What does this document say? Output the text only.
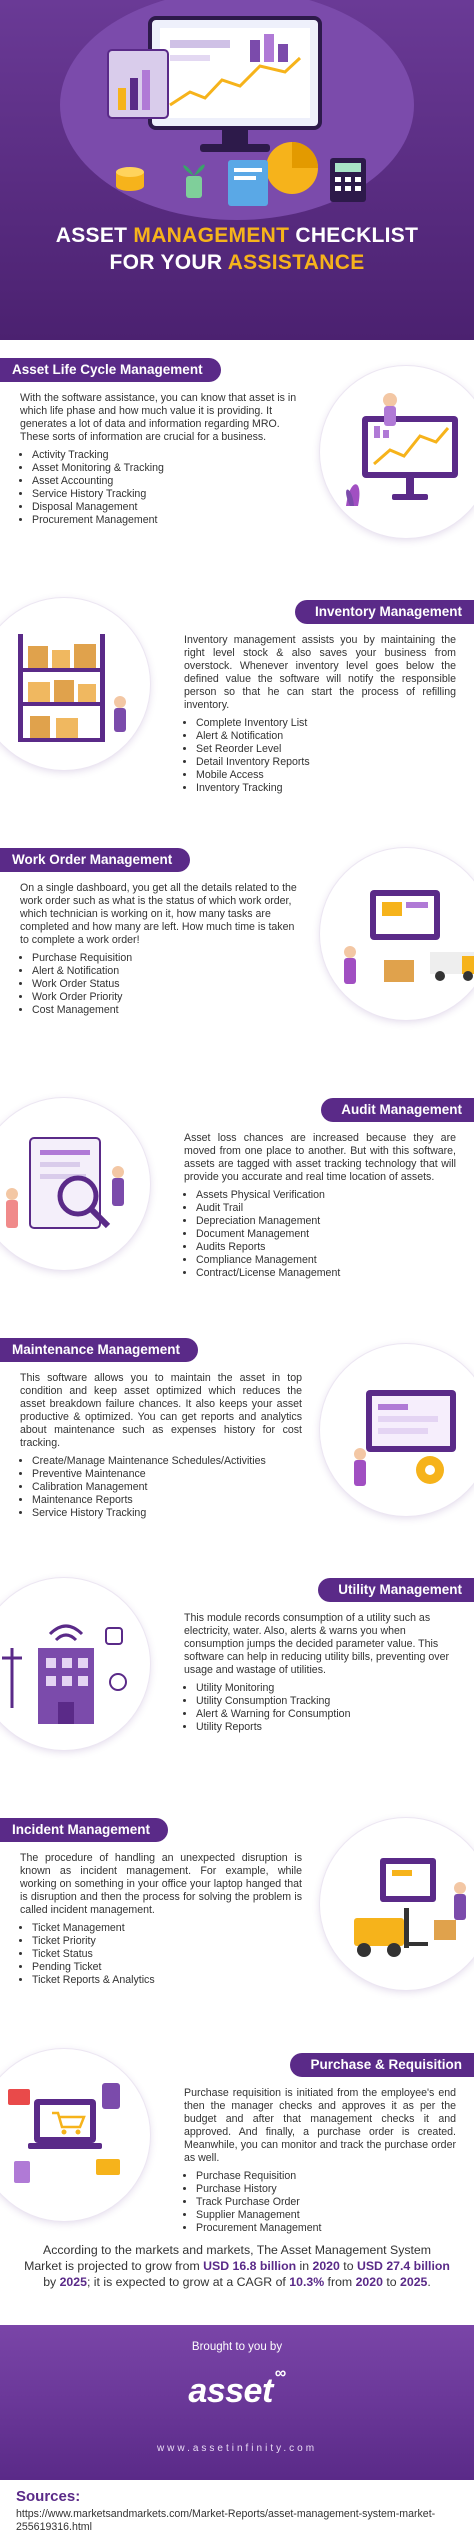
ASSET MANAGEMENT CHECKLIST
FOR YOUR ASSISTANCE
Asset Life Cycle Management

With the software assistance, you can know that asset is in which life phase and how much value it is providing. It generates a lot of data and information regarding MRO. These sorts of information are crucial for a business.

• Activity Tracking
• Asset Monitoring & Tracking
• Asset Accounting
• Service History Tracking
• Disposal Management
• Procurement Management
Inventory Management

Inventory management assists you by maintaining the right level stock & also saves your business from overstock. Whenever inventory level goes below the defined value the software will notify the responsible person so that he can start the process of refilling inventory.

• Complete Inventory List
• Alert & Notification
• Set Reorder Level
• Detail Inventory Reports
• Mobile Access
• Inventory Tracking
Work Order Management

On a single dashboard, you get all the details related to the work order such as what is the status of which work order, which technician is working on it, how many tasks are completed and how many are left. How much time is taken to complete a work order!

• Purchase Requisition
• Alert & Notification
• Work Order Status
• Work Order Priority
• Cost Management
Audit Management

Asset loss chances are increased because they are moved from one place to another. But with this software, assets are tagged with asset tracking technology that will provide you accurate and real time location of assets.

• Assets Physical Verification
• Audit Trail
• Depreciation Management
• Document Management
• Audits Reports
• Compliance Management
• Contract/License Management
Maintenance Management

This software allows you to maintain the asset in top condition and keep asset optimized which reduces the asset breakdown failure chances. It also keeps your asset productive & optimized. You can get reports and analytics about maintenance such as expenses history for cost tracking.

• Create/Manage Maintenance Schedules/Activities
• Preventive Maintenance
• Calibration Management
• Maintenance Reports
• Service History Tracking
Utility Management

This module records consumption of a utility such as electricity, water. Also, alerts & warns you when consumption jumps the decided parameter value. This software can help in reducing utility bills, preventing over usage and wastage of utilities.

• Utility Monitoring
• Utility Consumption Tracking
• Alert & Warning for Consumption
• Utility Reports
Incident Management

The procedure of handling an unexpected disruption is known as incident management. For example, while working on something in your office your laptop hanged that is disruption and then the process for solving the problem is called incident management.

• Ticket Management
• Ticket Priority
• Ticket Status
• Pending Ticket
• Ticket Reports & Analytics
Purchase & Requisition

Purchase requisition is initiated from the employee's end then the manager checks and approves it as per the budget and after that management checks it and approved. And finally, a purchase order is created. Meanwhile, you can monitor and track the purchase order as well.

• Purchase Requisition
• Purchase History
• Track Purchase Order
• Supplier Management
• Procurement Management
According to the markets and markets, The Asset Management System Market is projected to grow from USD 16.8 billion in 2020 to USD 27.4 billion by 2025; it is expected to grow at a CAGR of 10.3% from 2020 to 2025.
Brought to you by
asset ∞
www.assetinfinity.com
Sources:
https://www.marketsandmarkets.com/Market-Reports/asset-management-system-market-255619316.html
